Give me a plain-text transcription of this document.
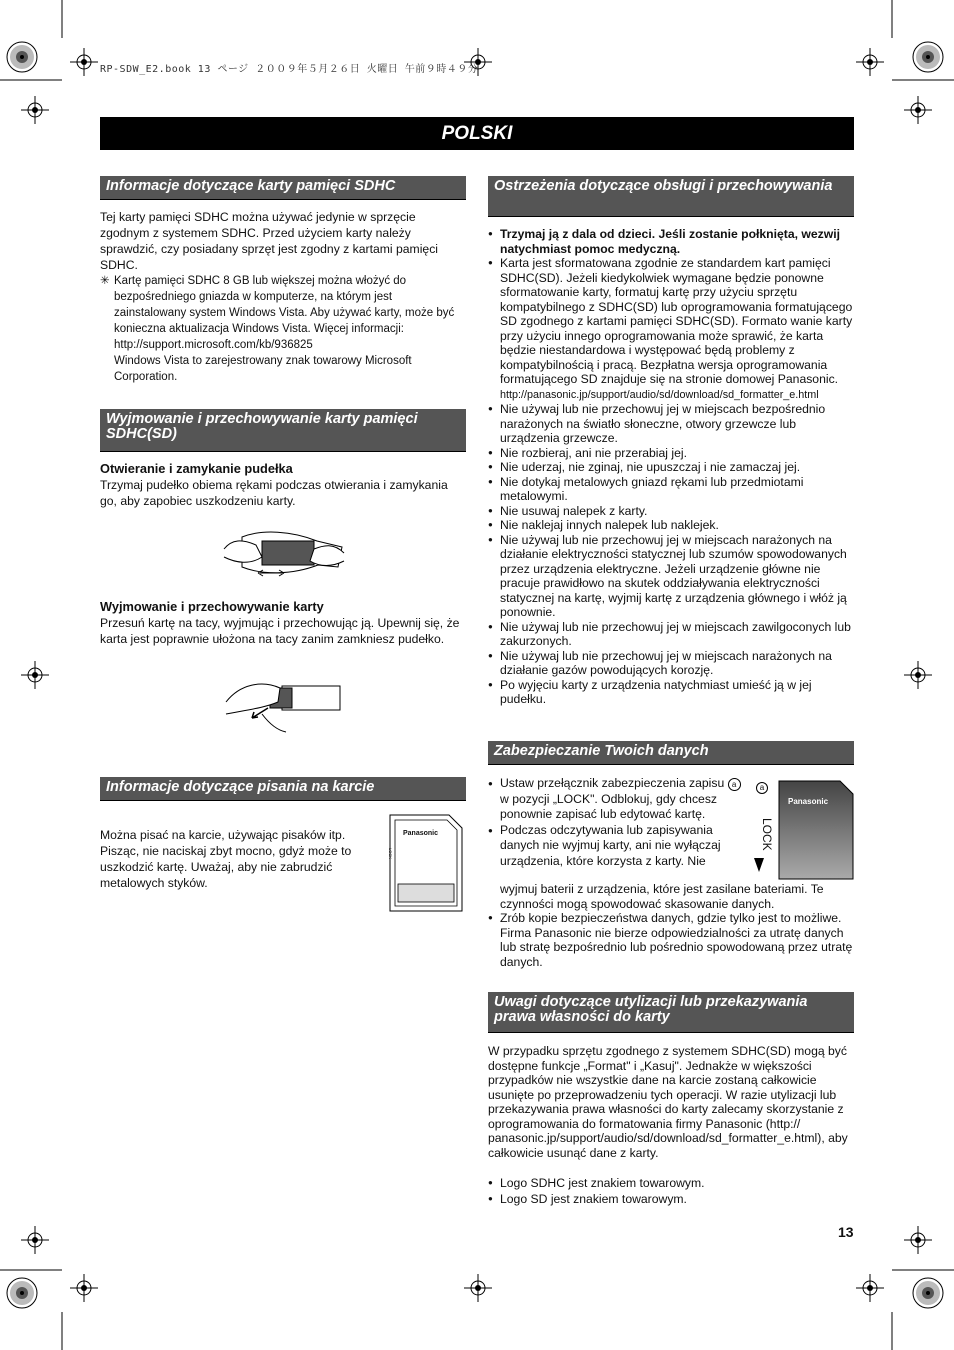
RP-SDW_E2.book 13 ページ ２００９年５月２６日 火曜日 午前９時４９分
POLSKI
Informacje dotyczące karty pamięci SDHC
Tej karty pamięci SDHC można używać jedynie w sprzęcie zgodnym z systemem SDHC. Przed użyciem karty należy sprawdzić, czy posiadany sprzęt jest zgodny z kartami pamięci SDHC.
✳ Kartę pamięci SDHC 8 GB lub większej można włożyć do bezpośredniego gniazda w komputerze, na którym jest zainstalowany system Windows Vista. Aby używać karty, może być konieczna aktualizacja Windows Vista. Więcej informacji: http://support.microsoft.com/kb/936825
Windows Vista to zarejestrowany znak towarowy Microsoft Corporation.
Wyjmowanie i przechowywanie karty pamięci SDHC(SD)
Otwieranie i zamykanie pudełka
Trzymaj pudełko obiema rękami podczas otwierania i zamykania go, aby zapobiec uszkodzeniu karty.
Wyjmowanie i przechowywanie karty
Przesuń kartę na tacy, wyjmując i przechowując ją. Upewnij się, że karta jest poprawnie ułożona na tacy zanim zamkniesz pudełko.
Informacje dotyczące pisania na karcie

Można pisać na karcie, używając pisaków itp.
Pisząc, nie naciskaj zbyt mocno, gdyż może to uszkodzić kartę. Uważaj, aby nie zabrudzić metalowych styków.

Panasonic
LOCK
Ostrzeżenia dotyczące obsługi i przechowywania
● Trzymaj ją z dala od dzieci. Jeśli zostanie połknięta, wezwij natychmiast pomoc medyczną.
● Karta jest sformatowana zgodnie ze standardem kart pamięci SDHC(SD). Jeżeli kiedykolwiek wymagane będzie ponowne sformatowanie karty, formatuj kartę przy użyciu sprzętu kompatybilnego z SDHC(SD) lub oprogramowania formatującego SD zgodnego z kartami pamięci SDHC(SD). Formato wanie karty przy użyciu innego oprogramowania może sprawić, że karta będzie niestandardowa i występować będą problemy z kompatybilnością i pracą. Bezpłatna wersja oprogramowania formatującego SD znajduje się na stronie domowej Panasonic.
http://panasonic.jp/support/audio/sd/download/sd_formatter_e.html
● Nie używaj lub nie przechowuj jej w miejscach bezpośrednio narażonych na światło słoneczne, otwory grzewcze lub urządzenia grzewcze.
● Nie rozbieraj, ani nie przerabiaj jej.
● Nie uderzaj, nie zginaj, nie upuszczaj i nie zamaczaj jej.
● Nie dotykaj metalowych gniazd rękami lub przedmiotami metalowymi.
● Nie usuwaj nalepek z karty.
● Nie naklejaj innych nalepek lub naklejek.
● Nie używaj lub nie przechowuj jej w miejscach narażonych na działanie elektryczności statycznej lub szumów spowodowanych przez urządzenia elektryczne. Jeżeli urządzenie główne nie pracuje prawidłowo na skutek oddziaływania elektryczności statycznej na kartę, wyjmij kartę z urządzenia głównego i włóż ją ponownie.
● Nie używaj lub nie przechowuj jej w miejscach zawilgoconych lub zakurzonych.
● Nie używaj lub nie przechowuj jej w miejscach narażonych na działanie gazów powodujących korozję.
● Po wyjęciu karty z urządzenia natychmiast umieść ją w jej pudełku.
Zabezpieczanie Twoich danych
● Ustaw przełącznik zabezpieczenia zapisu a w pozycji „LOCK". Odblokuj, gdy chcesz ponownie zapisać lub edytować kartę.
● Podczas odczytywania lub zapisywania danych nie wyjmuj karty, ani nie wyłączaj urządzenia, które korzysta z karty. Nie
wyjmuj baterii z urządzenia, które jest zasilane bateriami. Te czynności mogą spowodować skasowanie danych.
● Zrób kopie bezpieczeństwa danych, gdzie tylko jest to możliwe. Firma Panasonic nie bierze odpowiedzialności za utratę danych lub stratę bezpośrednio lub pośrednio spowodowaną przez utratę danych.
a
Panasonic
LOCK
Uwagi dotyczące utylizacji lub przekazywania prawa własności do karty
W przypadku sprzętu zgodnego z systemem SDHC(SD) mogą być dostępne funkcje „Format" i „Kasuj". Jednakże w większości przypadków nie wszystkie dane na karcie zostaną całkowicie usunięte po przeprowadzeniu tych operacji. W razie utylizacji lub przekazywania prawa własności do karty zalecamy skorzystanie z oprogramowania do formatowania firmy Panasonic (http:// panasonic.jp/support/audio/sd/download/sd_formatter_e.html), aby całkowicie usunąć dane z karty.
● Logo SDHC jest znakiem towarowym.
● Logo SD jest znakiem towarowym.
13
